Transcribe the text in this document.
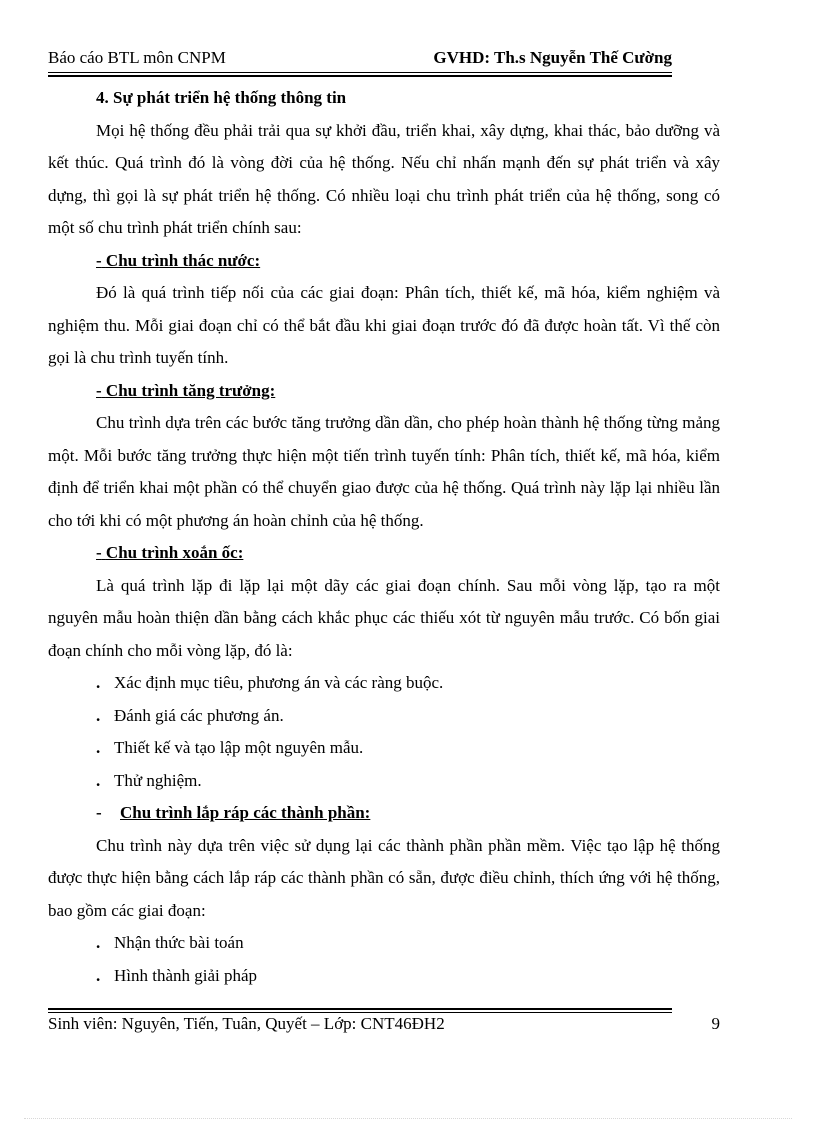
Báo cáo BTL môn CNPM	GVHD: Th.s Nguyễn Thế Cường
4. Sự phát triển hệ thống thông tin

Mọi hệ thống đều phải trải qua sự khởi đầu, triển khai, xây dựng, khai thác, bảo dưỡng và kết thúc. Quá trình đó là vòng đời của hệ thống. Nếu chỉ nhấn mạnh đến sự phát triển và xây dựng, thì gọi là sự phát triển hệ thống. Có nhiều loại chu trình phát triển của hệ thống, song có một số chu trình phát triển chính sau:

- Chu trình thác nước:

Đó là quá trình tiếp nối của các giai đoạn: Phân tích, thiết kế, mã hóa, kiểm nghiệm và nghiệm thu. Mỗi giai đoạn chỉ có thể bắt đầu khi giai đoạn trước đó đã được hoàn tất. Vì thế còn gọi là chu trình tuyến tính.

- Chu trình tăng trưởng:

Chu trình dựa trên các bước tăng trưởng dần dần, cho phép hoàn thành hệ thống từng mảng một. Mỗi bước tăng trưởng thực hiện một tiến trình tuyến tính: Phân tích, thiết kế, mã hóa, kiểm định để triển khai một phần có thể chuyển giao được của hệ thống. Quá trình này lặp lại nhiều lần cho tới khi có một phương án hoàn chỉnh của hệ thống.

- Chu trình xoắn ốc:

Là quá trình lặp đi lặp lại một dãy các giai đoạn chính. Sau mỗi vòng lặp, tạo ra một nguyên mẫu hoàn thiện dần bằng cách khắc phục các thiếu xót từ nguyên mẫu trước. Có bốn giai đoạn chính cho mỗi vòng lặp, đó là:

. Xác định mục tiêu, phương án và các ràng buộc.
. Đánh giá các phương án.
. Thiết kế và tạo lập một nguyên mẫu.
. Thử nghiệm.
- Chu trình lắp ráp các thành phần:

Chu trình này dựa trên việc sử dụng lại các thành phần phần mềm. Việc tạo lập hệ thống được thực hiện bằng cách lắp ráp các thành phần có sẵn, được điều chỉnh, thích ứng với hệ thống, bao gồm các giai đoạn:

. Nhận thức bài toán
. Hình thành giải pháp
Sinh viên: Nguyên, Tiến, Tuân, Quyết – Lớp: CNT46ĐH2	9
